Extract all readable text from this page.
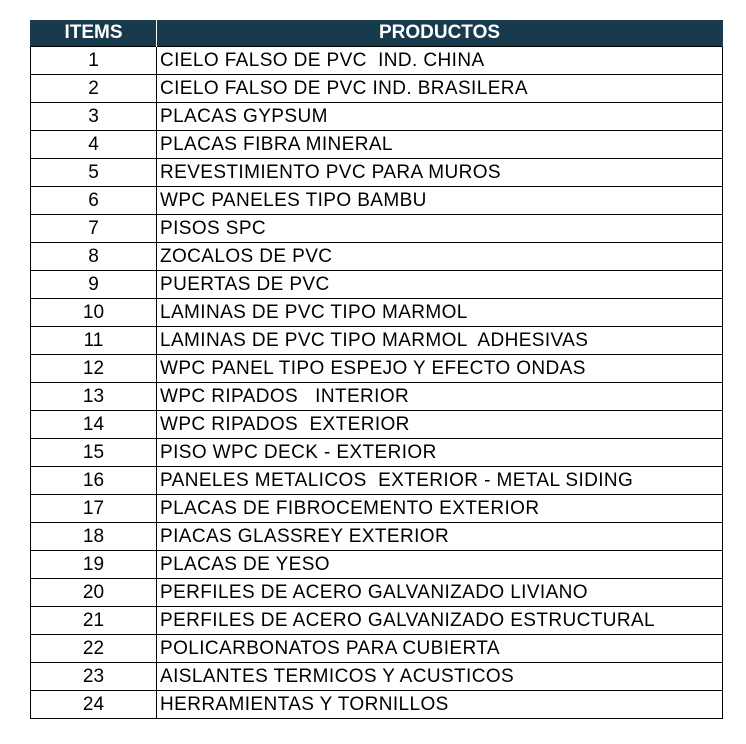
ITEMS	PRODUCTOS
1	CIELO FALSO DE PVC  IND. CHINA
2	CIELO FALSO DE PVC IND. BRASILERA
3	PLACAS GYPSUM
4	PLACAS FIBRA MINERAL
5	REVESTIMIENTO PVC PARA MUROS
6	WPC PANELES TIPO BAMBU
7	PISOS SPC
8	ZOCALOS DE PVC
9	PUERTAS DE PVC
10	LAMINAS DE PVC TIPO MARMOL
11	LAMINAS DE PVC TIPO MARMOL  ADHESIVAS
12	WPC PANEL TIPO ESPEJO Y EFECTO ONDAS
13	WPC RIPADOS   INTERIOR
14	WPC RIPADOS  EXTERIOR
15	PISO WPC DECK - EXTERIOR
16	PANELES METALICOS  EXTERIOR - METAL SIDING
17	PLACAS DE FIBROCEMENTO EXTERIOR
18	PIACAS GLASSREY EXTERIOR
19	PLACAS DE YESO
20	PERFILES DE ACERO GALVANIZADO LIVIANO
21	PERFILES DE ACERO GALVANIZADO ESTRUCTURAL
22	POLICARBONATOS PARA CUBIERTA
23	AISLANTES TERMICOS Y ACUSTICOS
24	HERRAMIENTAS Y TORNILLOS
